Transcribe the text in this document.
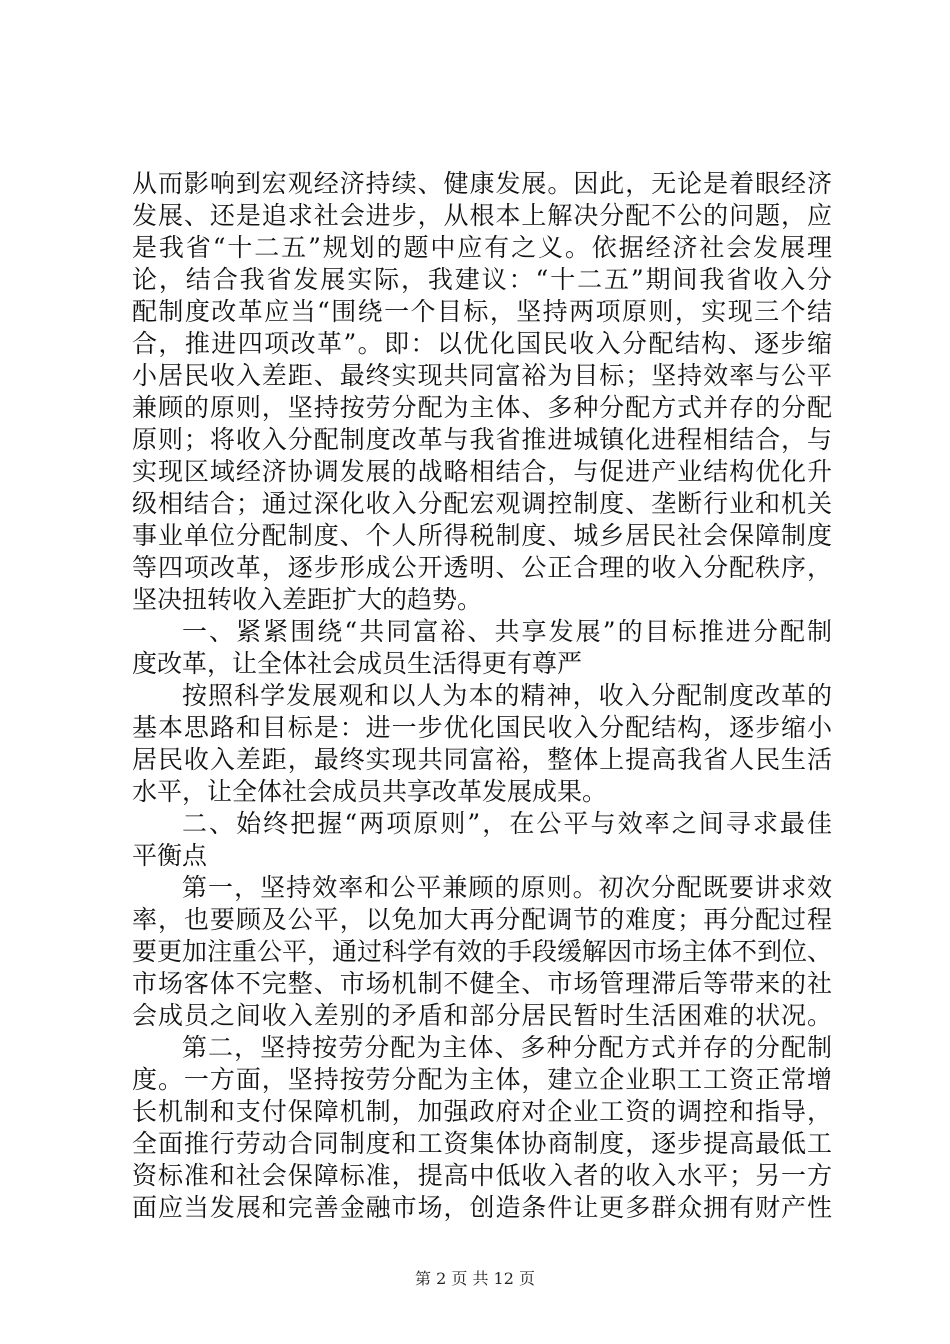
从而影响到宏观经济持续、健康发展。因此，无论是着眼经济
发展、还是追求社会进步，从根本上解决分配不公的问题，应
是我省“十二五”规划的题中应有之义。依据经济社会发展理
论，结合我省发展实际，我建议：“十二五”期间我省收入分
配制度改革应当“围绕一个目标，坚持两项原则，实现三个结
合，推进四项改革”。即：以优化国民收入分配结构、逐步缩
小居民收入差距、最终实现共同富裕为目标；坚持效率与公平
兼顾的原则，坚持按劳分配为主体、多种分配方式并存的分配
原则；将收入分配制度改革与我省推进城镇化进程相结合，与
实现区域经济协调发展的战略相结合，与促进产业结构优化升
级相结合；通过深化收入分配宏观调控制度、垄断行业和机关
事业单位分配制度、个人所得税制度、城乡居民社会保障制度
等四项改革，逐步形成公开透明、公正合理的收入分配秩序，
坚决扭转收入差距扩大的趋势。
一、紧紧围绕“共同富裕、共享发展”的目标推进分配制
度改革，让全体社会成员生活得更有尊严
按照科学发展观和以人为本的精神，收入分配制度改革的
基本思路和目标是：进一步优化国民收入分配结构，逐步缩小
居民收入差距，最终实现共同富裕，整体上提高我省人民生活
水平，让全体社会成员共享改革发展成果。
二、始终把握“两项原则”，在公平与效率之间寻求最佳
平衡点
第一，坚持效率和公平兼顾的原则。初次分配既要讲求效
率，也要顾及公平，以免加大再分配调节的难度；再分配过程
要更加注重公平，通过科学有效的手段缓解因市场主体不到位、
市场客体不完整、市场机制不健全、市场管理滞后等带来的社
会成员之间收入差别的矛盾和部分居民暂时生活困难的状况。
第二，坚持按劳分配为主体、多种分配方式并存的分配制
度。一方面，坚持按劳分配为主体，建立企业职工工资正常增
长机制和支付保障机制，加强政府对企业工资的调控和指导，
全面推行劳动合同制度和工资集体协商制度，逐步提高最低工
资标准和社会保障标准，提高中低收入者的收入水平；另一方
面应当发展和完善金融市场，创造条件让更多群众拥有财产性
第 2 页 共 12 页
